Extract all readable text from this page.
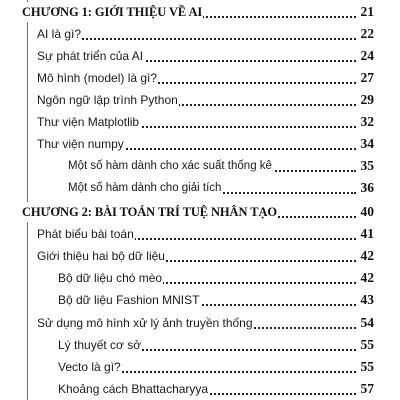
CHƯƠNG 1: GIỚI THIỆU VỀ AI	21
AI là gì?	22
Sự phát triển của AI	24
Mô hình (model) là gì?	27
Ngôn ngữ lập trình Python	29
Thư viện Matplotlib	32
Thư viện numpy	34
Một số hàm dành cho xác suất thống kê	35
Một số hàm dành cho giải tích	36
CHƯƠNG 2: BÀI TOÁN TRÍ TUỆ NHÂN TẠO	40
Phát biểu bài toán	41
Giới thiệu hai bộ dữ liệu	42
Bộ dữ liệu chó mèo	42
Bộ dữ liệu Fashion MNIST	43
Sử dụng mô hình xử lý ảnh truyền thống	54
Lý thuyết cơ sở	55
Vecto là gì?	55
Khoảng cách Bhattacharyya	57
